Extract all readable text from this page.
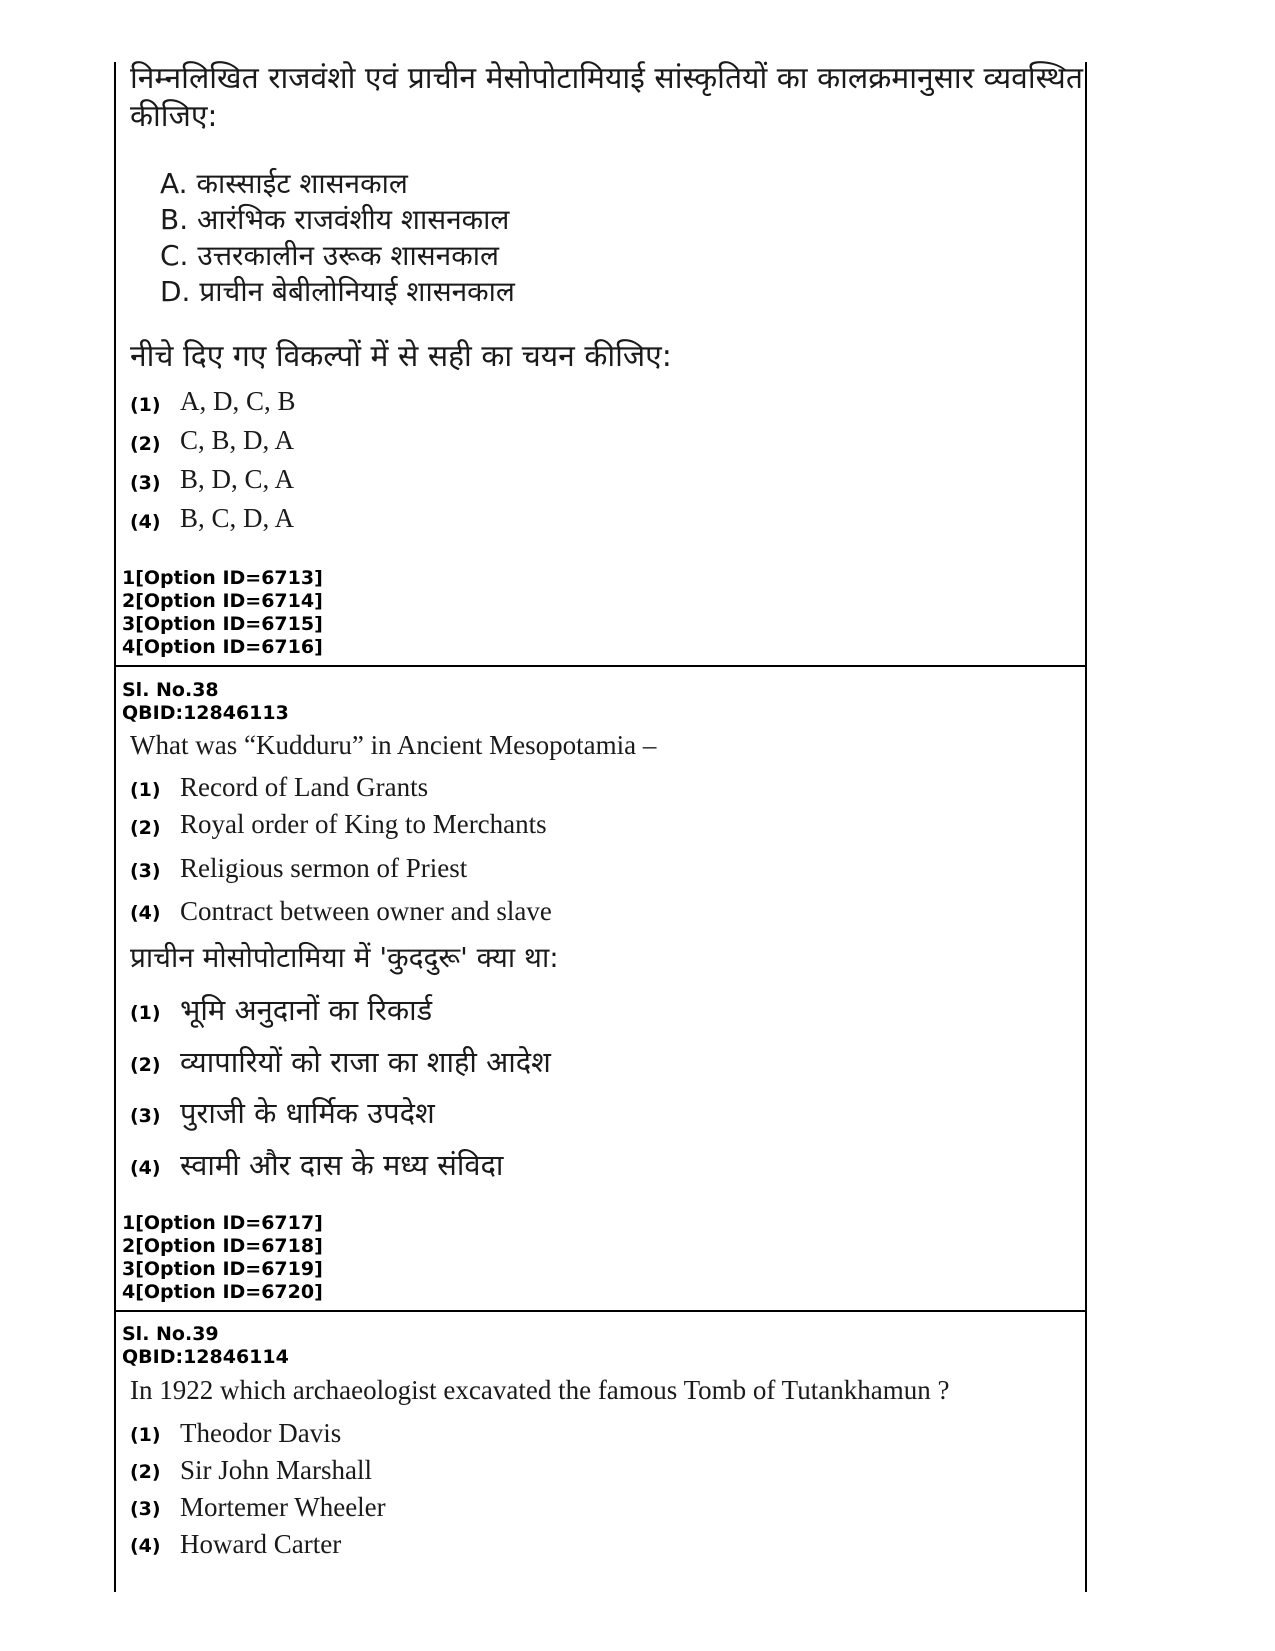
निम्नलिखित राजवंशो एवं प्राचीन मेसोपोटामियाई सांस्कृतियों का कालक्रमानुसार व्यवस्थित
कीजिए:
A. कास्साईट शासनकाल
B. आरंभिक राजवंशीय शासनकाल
C. उत्तरकालीन उरूक शासनकाल
D. प्राचीन बेबीलोनियाई शासनकाल
नीचे दिए गए विकल्पों में से सही का चयन कीजिए:
(1) A, D, C, B
(2) C, B, D, A
(3) B, D, C, A
(4) B, C, D, A
1[Option ID=6713]
2[Option ID=6714]
3[Option ID=6715]
4[Option ID=6716]
Sl. No.38
QBID:12846113
What was “Kudduru” in Ancient Mesopotamia –
(1) Record of Land Grants
(2) Royal order of King to Merchants
(3) Religious sermon of Priest
(4) Contract between owner and slave
प्राचीन मोसोपोटामिया में 'कुददुरू' क्या था:
(1) भूमि अनुदानों का रिकार्ड
(2) व्यापारियों को राजा का शाही आदेश
(3) पुराजी के धार्मिक उपदेश
(4) स्वामी और दास के मध्य संविदा
1[Option ID=6717]
2[Option ID=6718]
3[Option ID=6719]
4[Option ID=6720]
Sl. No.39
QBID:12846114
In 1922 which archaeologist excavated the famous Tomb of Tutankhamun ?
(1) Theodor Davis
(2) Sir John Marshall
(3) Mortemer Wheeler
(4) Howard Carter
